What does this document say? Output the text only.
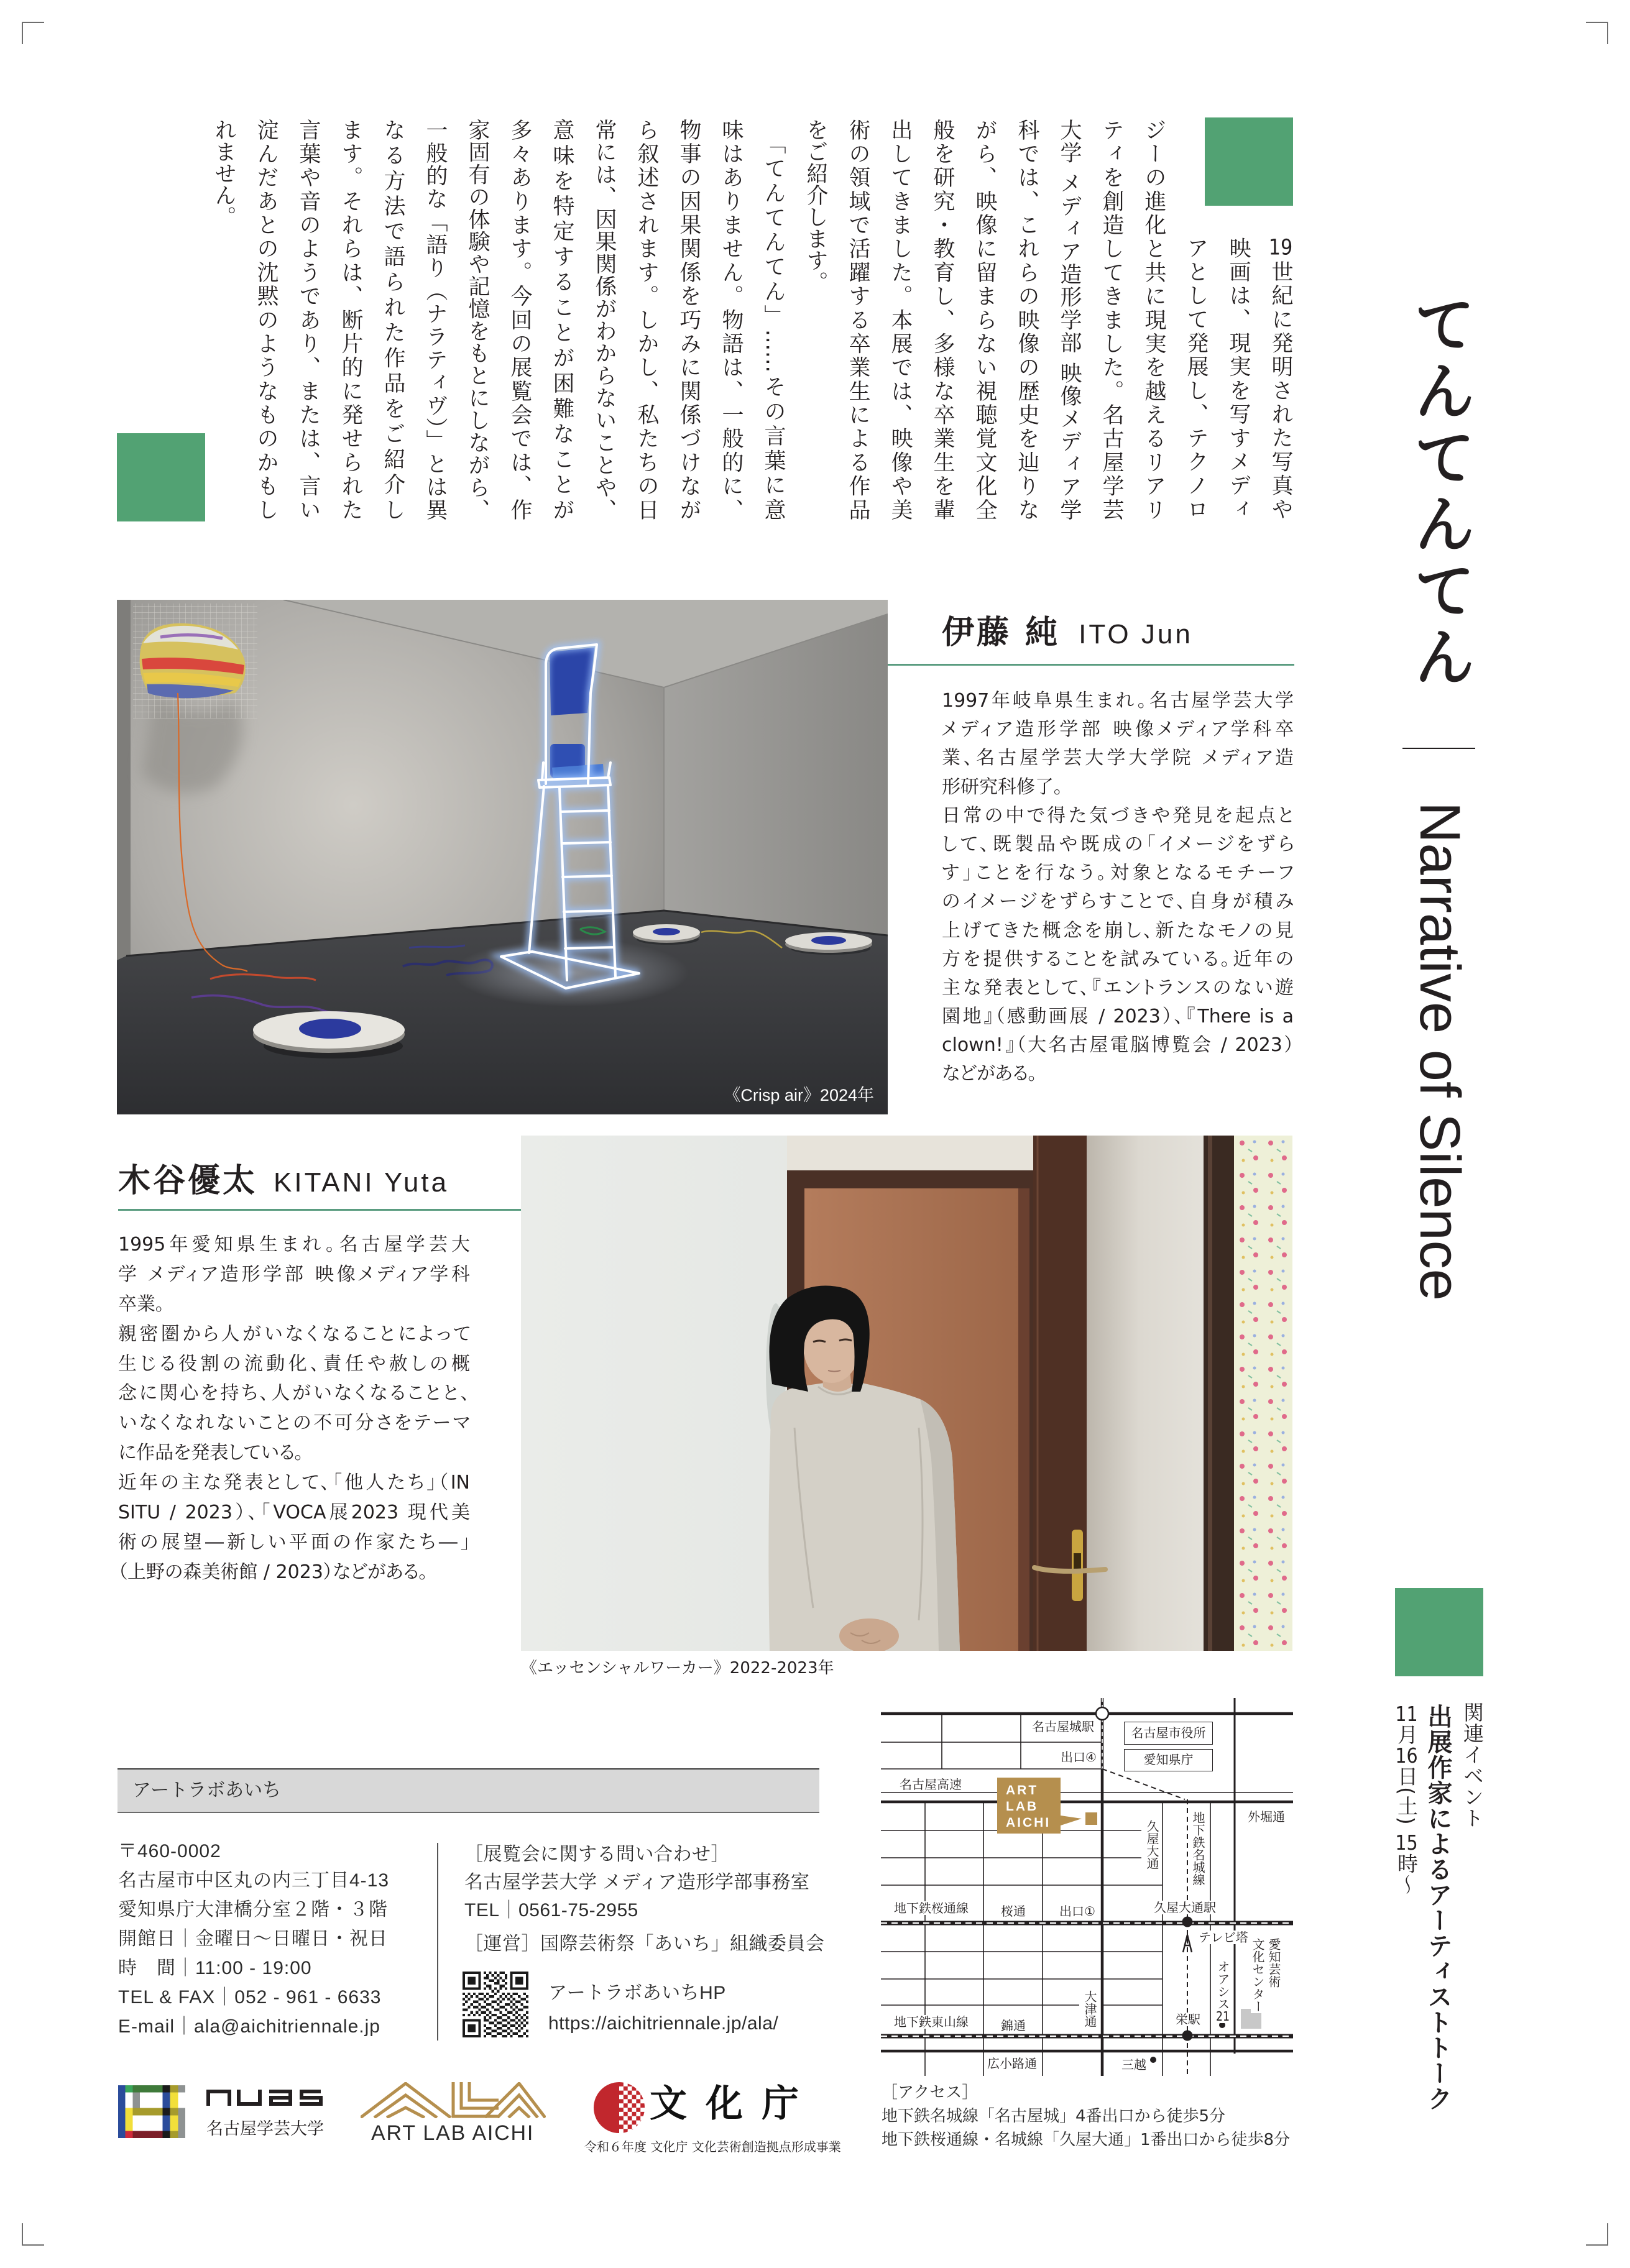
てんてんてん
Narrative of Silence
19世紀に発明された写真や
映画は、現実を写すメディ
アとして発展し、テクノロ
ジーの進化と共に現実を越えるリアリ
ティを創造してきました。名古屋学芸
大学 メディア造形学部 映像メディア学
科では、これらの映像の歴史を辿りな
がら、映像に留まらない視聴覚文化全
般を研究・教育し、多様な卒業生を輩
出してきました。本展では、映像や美
術の領域で活躍する卒業生による作品
をご紹介します。
　「てんてんてん」……その言葉に意
味はありません。物語は、一般的に、
物事の因果関係を巧みに関係づけなが
ら叙述されます。しかし、私たちの日
常には、因果関係がわからないことや、
意味を特定することが困難なことが
多々あります。今回の展覧会では、作
家固有の体験や記憶をもとにしながら、
一般的な「語り（ナラティヴ）」とは異
なる方法で語られた作品をご紹介し
ます。それらは、断片的に発せられた
言葉や音のようであり、または、言い
淀んだあとの沈黙のようなものかもし
れません。
《Crisp air》2024年
伊藤 純 ITO Jun
1997年岐阜県生まれ。名古屋学芸大学
メディア造形学部 映像メディア学科卒
業、名古屋学芸大学大学院 メディア造
形研究科修了。
日常の中で得た気づきや発見を起点と
して、既製品や既成の「イメージをずら
す」ことを行なう。対象となるモチーフ
のイメージをずらすことで、自身が積み
上げてきた概念を崩し、新たなモノの見
方を提供することを試みている。近年の
主な発表として、『エントランスのない遊
園地』（感動画展 / 2023）、『There is a
clown!』（大名古屋電脳博覧会 / 2023）
などがある。
木谷優太 KITANI Yuta
1995年愛知県生まれ。名古屋学芸大
学 メディア造形学部 映像メディア学科
卒業。
親密圏から人がいなくなることによって
生じる役割の流動化、責任や赦しの概
念に関心を持ち、人がいなくなることと、
いなくなれないことの不可分さをテーマ
に作品を発表している。
近年の主な発表として、「他人たち」（IN
SITU / 2023）、「VOCA展2023 現代美
術の展望―新しい平面の作家たち―」
（上野の森美術館 / 2023）などがある。
《エッセンシャルワーカー》2022-2023年
アートラボあいち
〒460-0002
名古屋市中区丸の内三丁目4-13
愛知県庁大津橋分室２階・３階
開館日｜金曜日〜日曜日・祝日
時　間｜11:00 - 19:00
TEL & FAX｜052 - 961 - 6633
E-mail｜ala@aichitriennale.jp
［展覧会に関する問い合わせ］
名古屋学芸大学 メディア造形学部事務室
TEL｜0561-75-2955
［運営］国際芸術祭「あいち」組織委員会
アートラボあいちHP
https://aichitriennale.jp/ala/
ART
LAB
AICHI
名古屋市役所
愛知県庁
名古屋城駅
出口④
名古屋高速
外堀通
久屋大通	地下鉄名城線
地下鉄桜通線	桜通	出口①	久屋大通駅
テレビ塔
オアシス21
愛知芸術
文化センター
大津通
地下鉄東山線	錦通	栄駅
広小路通	三越
［アクセス］
地下鉄名城線「名古屋城」4番出口から徒歩5分
地下鉄桜通線・名城線「久屋大通」1番出口から徒歩8分
関連イベント
出展作家によるアーティストトーク
11月16日(土) 15時〜
名古屋学芸大学 ART LAB AICHI
文化庁
令和６年度 文化庁 文化芸術創造拠点形成事業
